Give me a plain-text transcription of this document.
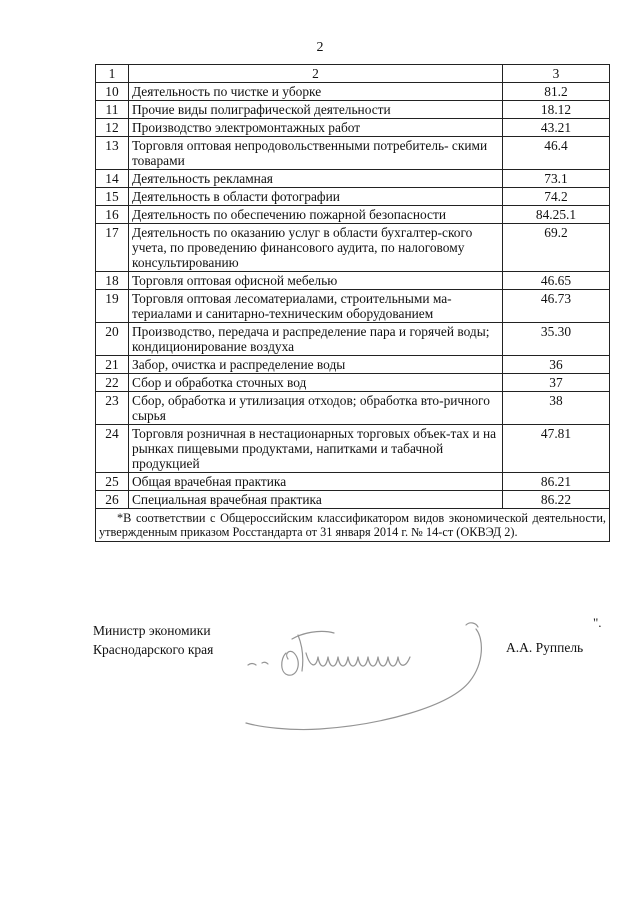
2
1	2	3
10	Деятельность по чистке и уборке	81.2
11	Прочие виды полиграфической деятельности	18.12
12	Производство электромонтажных работ	43.21
13	Торговля оптовая непродовольственными потребитель- скими товарами	46.4
14	Деятельность рекламная	73.1
15	Деятельность в области фотографии	74.2
16	Деятельность по обеспечению пожарной безопасности	84.25.1
17	Деятельность по оказанию услуг в области бухгалтер-ского учета, по проведению финансового аудита, по налоговому консультированию	69.2
18	Торговля оптовая офисной мебелью	46.65
19	Торговля оптовая лесоматериалами, строительными ма-териалами и санитарно-техническим оборудованием	46.73
20	Производство, передача и распределение пара и горячей воды; кондиционирование воздуха	35.30
21	Забор, очистка и распределение воды	36
22	Сбор и обработка сточных вод	37
23	Сбор, обработка и утилизация отходов; обработка вто-ричного сырья	38
24	Торговля розничная в нестационарных торговых объек-тах и на рынках пищевыми продуктами, напитками и табачной продукцией	47.81
25	Общая врачебная практика	86.21
26	Специальная врачебная практика	86.22
*В соответствии с Общероссийским классификатором видов экономической деятельности, утвержденным приказом Росстандарта от 31 января 2014 г. № 14-ст (ОКВЭД 2).		
".
Министр экономики
Краснодарского края	А.А. Руппель
